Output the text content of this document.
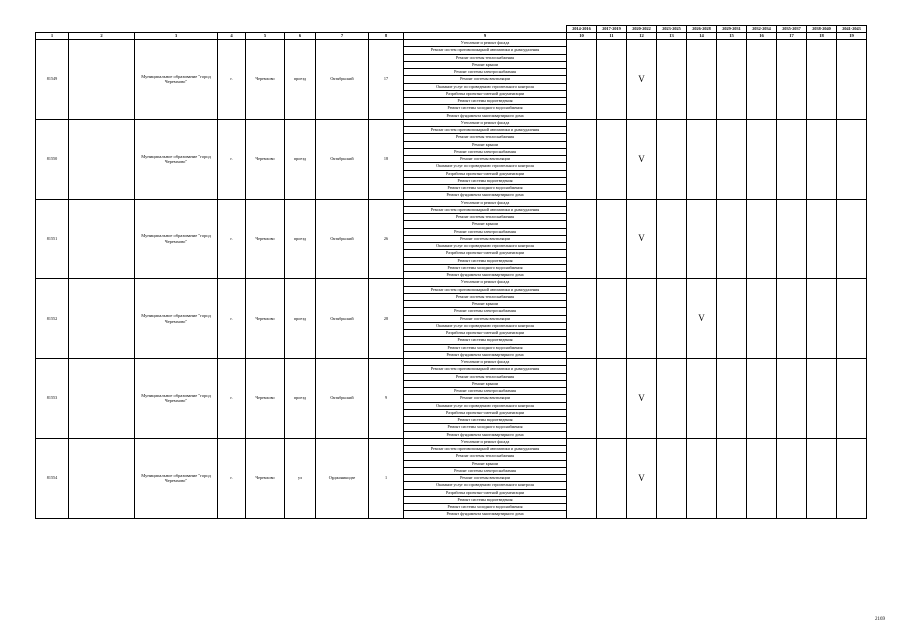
									2014-2016	2017-2019	2020-2022	2023-2025	2026-2028	2029-2031	2032-2034	2035-2037	2038-2040	2041-2043
1	2	3	4	5	6	7	8	9	10	11	12	13	14	15	16	17	18	19
81549		Муниципальное образование "город Черемхово"	г.	Черемхово	проезд	Октябрьский	17	Утепление и ремонт фасада			V							
								Ремонт систем противопожарной автоматики и дымоудаления										
								Ремонт системы теплоснабжения										
								Ремонт крыши										
								Ремонт системы электроснабжения										
								Ремонт системы вентиляции										
								Оказание услуг по проведению строительного контроля										
								Разработка проектно-сметной документации										
								Ремонт системы водоотведения										
								Ремонт системы холодного водоснабжения										
								Ремонт фундамента многоквартирного дома										
81550		Муниципальное образование "город Черемхово"	г.	Черемхово	проезд	Октябрьский	18	Утепление и ремонт фасада			V							
								Ремонт систем противопожарной автоматики и дымоудаления										
								Ремонт системы теплоснабжения										
								Ремонт крыши										
								Ремонт системы электроснабжения										
								Ремонт системы вентиляции										
								Оказание услуг по проведению строительного контроля										
								Разработка проектно-сметной документации										
								Ремонт системы водоотведения										
								Ремонт системы холодного водоснабжения										
								Ремонт фундамента многоквартирного дома										
81551		Муниципальное образование "город Черемхово"	г.	Черемхово	проезд	Октябрьский	26	Утепление и ремонт фасада			V							
								Ремонт систем противопожарной автоматики и дымоудаления										
								Ремонт системы теплоснабжения										
								Ремонт крыши										
								Ремонт системы электроснабжения										
								Ремонт системы вентиляции										
								Оказание услуг по проведению строительного контроля										
								Разработка проектно-сметной документации										
								Ремонт системы водоотведения										
								Ремонт системы холодного водоснабжения										
								Ремонт фундамента многоквартирного дома										
81552		Муниципальное образование "город Черемхово"	г.	Черемхово	проезд	Октябрьский	28	Утепление и ремонт фасада					V					
								Ремонт систем противопожарной автоматики и дымоудаления										
								Ремонт системы теплоснабжения										
								Ремонт крыши										
								Ремонт системы электроснабжения										
								Ремонт системы вентиляции										
								Оказание услуг по проведению строительного контроля										
								Разработка проектно-сметной документации										
								Ремонт системы водоотведения										
								Ремонт системы холодного водоснабжения										
								Ремонт фундамента многоквартирного дома										
81553		Муниципальное образование "город Черемхово"	г.	Черемхово	проезд	Октябрьский	9	Утепление и ремонт фасада			V							
								Ремонт систем противопожарной автоматики и дымоудаления										
								Ремонт системы теплоснабжения										
								Ремонт крыши										
								Ремонт системы электроснабжения										
								Ремонт системы вентиляции										
								Оказание услуг по проведению строительного контроля										
								Разработка проектно-сметной документации										
								Ремонт системы водоотведения										
								Ремонт системы холодного водоснабжения										
								Ремонт фундамента многоквартирного дома										
81554		Муниципальное образование "город Черемхово"	г.	Черемхово	ул	Орджоникидзе	1	Утепление и ремонт фасада			V							
								Ремонт систем противопожарной автоматики и дымоудаления										
								Ремонт системы теплоснабжения										
								Ремонт крыши										
								Ремонт системы электроснабжения										
								Ремонт системы вентиляции										
								Оказание услуг по проведению строительного контроля										
								Разработка проектно-сметной документации										
								Ремонт системы водоотведения										
								Ремонт системы холодного водоснабжения										
								Ремонт фундамента многоквартирного дома										
2169
